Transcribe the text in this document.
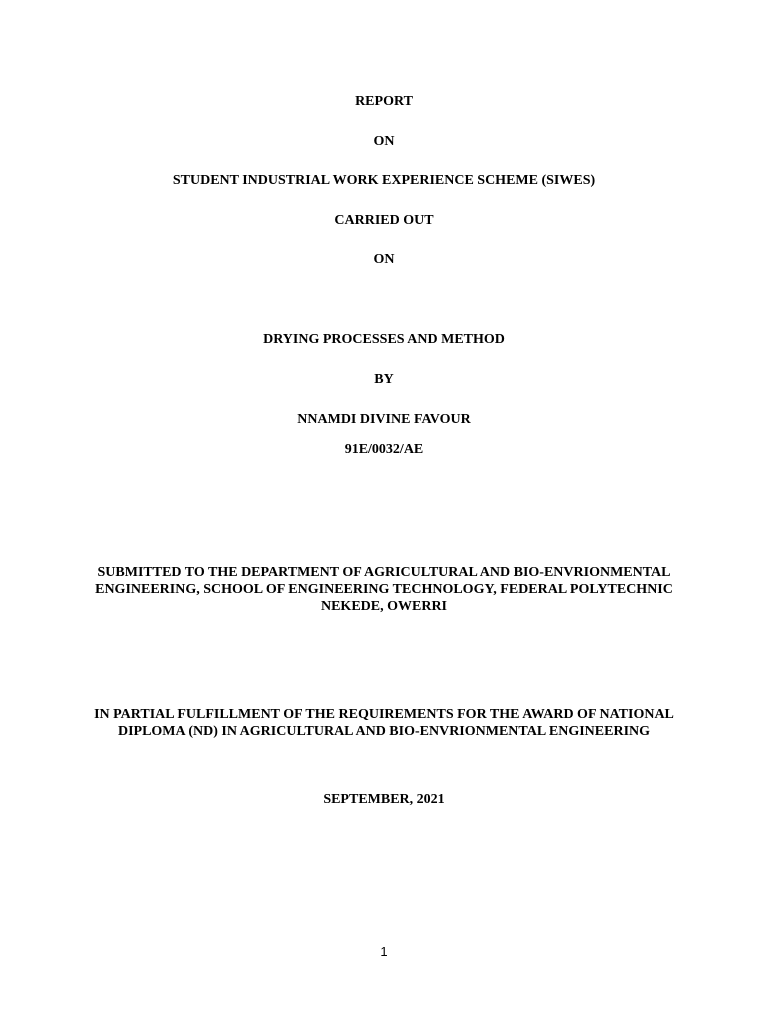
REPORT
ON
STUDENT INDUSTRIAL WORK EXPERIENCE SCHEME (SIWES)
CARRIED OUT
ON
DRYING PROCESSES AND METHOD
BY
NNAMDI DIVINE FAVOUR
91E/0032/AE
SUBMITTED TO THE DEPARTMENT OF AGRICULTURAL AND BIO-ENVRIONMENTAL
ENGINEERING, SCHOOL OF ENGINEERING TECHNOLOGY, FEDERAL POLYTECHNIC
NEKEDE, OWERRI
IN PARTIAL FULFILLMENT OF THE REQUIREMENTS FOR THE AWARD OF NATIONAL
DIPLOMA (ND) IN AGRICULTURAL AND BIO-ENVRIONMENTAL ENGINEERING
SEPTEMBER, 2021
1
